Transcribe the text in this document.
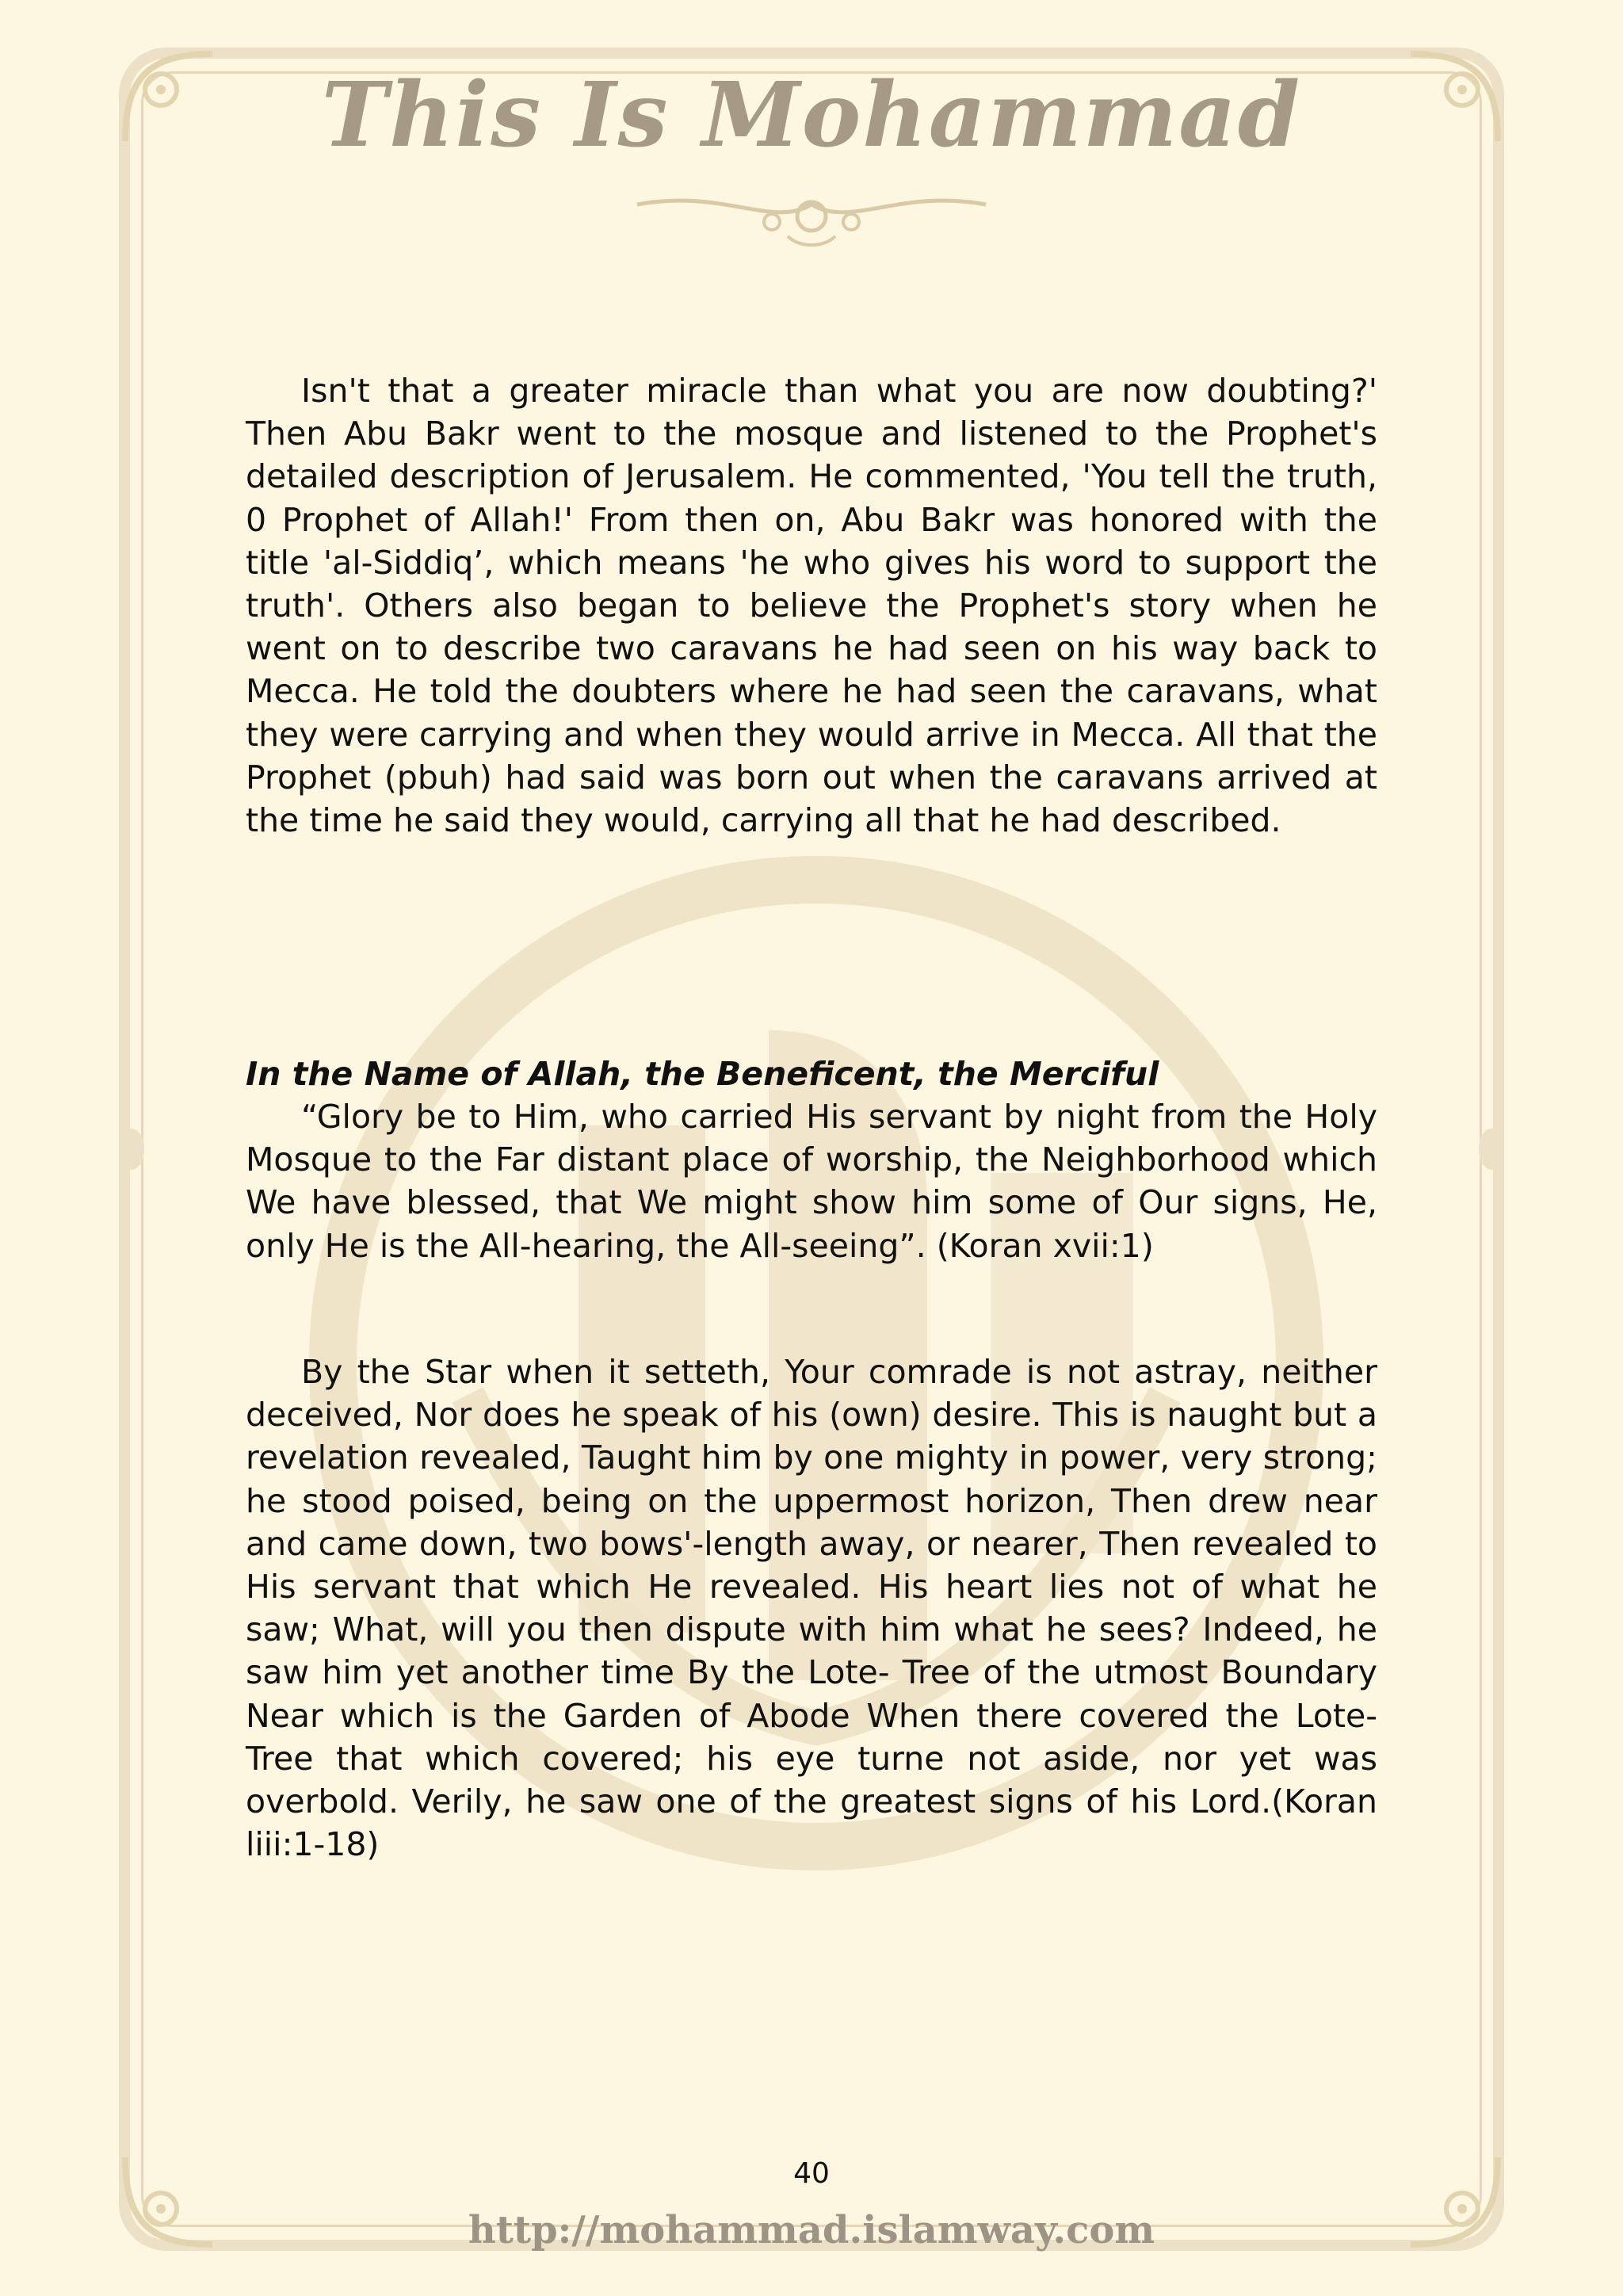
This Is Mohammad

Isn't that a greater miracle than what you are now doubting?' Then Abu Bakr went to the mosque and listened to the Prophet's detailed description of Jerusalem. He commented, 'You tell the truth, 0 Prophet of Allah!' From then on, Abu Bakr was honored with the title 'al-Siddiq’, which means 'he who gives his word to support the truth'. Others also began to believe the Prophet's story when he went on to describe two caravans he had seen on his way back to Mecca. He told the doubters where he had seen the caravans, what they were carrying and when they would arrive in Mecca. All that the Prophet (pbuh) had said was born out when the caravans arrived at the time he said they would, carrying all that he had described.

In the Name of Allah, the Beneficent, the Merciful

“Glory be to Him, who carried His servant by night from the Holy Mosque to the Far distant place of worship, the Neighborhood which We have blessed, that We might show him some of Our signs, He, only He is the All-hearing, the All-seeing”. (Koran xvii:1)

By the Star when it setteth, Your comrade is not astray, neither deceived, Nor does he speak of his (own) desire. This is naught but a revelation revealed, Taught him by one mighty in power, very strong; he stood poised, being on the uppermost horizon, Then drew near and came down, two bows'-length away, or nearer, Then revealed to His servant that which He revealed. His heart lies not of what he saw; What, will you then dispute with him what he sees? Indeed, he saw him yet another time By the Lote- Tree of the utmost Boundary Near which is the Garden of Abode When there covered the Lote- Tree that which covered; his eye turne not aside, nor yet was overbold. Verily, he saw one of the greatest signs of his Lord.(Koran liii:1-18)

40
http://mohammad.islamway.com
